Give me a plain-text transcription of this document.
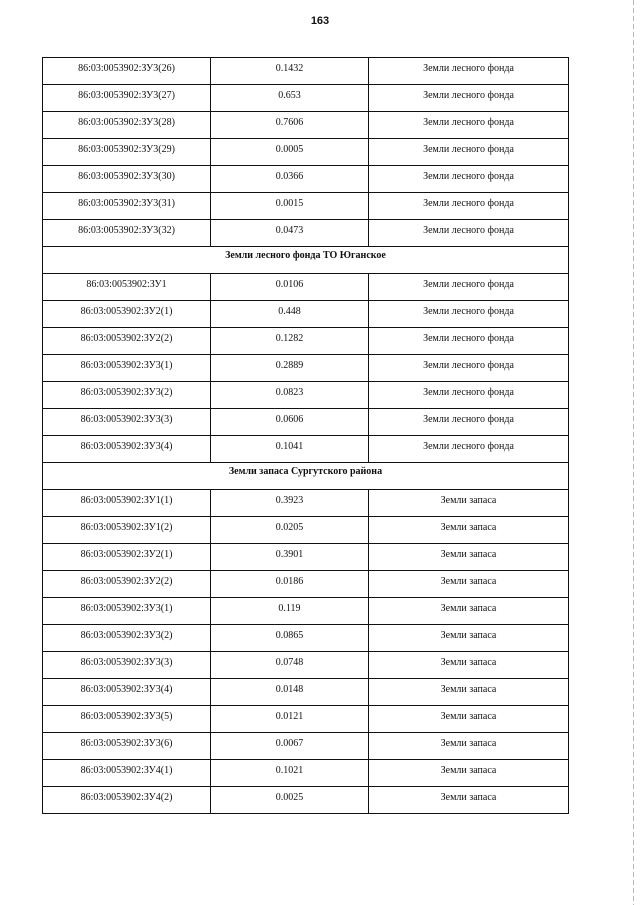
163
86:03:0053902:ЗУ3(26)	0.1432	Земли лесного фонда

86:03:0053902:ЗУ3(27)	0.653	Земли лесного фонда

86:03:0053902:ЗУ3(28)	0.7606	Земли лесного фонда

86:03:0053902:ЗУ3(29)	0.0005	Земли лесного фонда

86:03:0053902:ЗУ3(30)	0.0366	Земли лесного фонда

86:03:0053902:ЗУ3(31)	0.0015	Земли лесного фонда

86:03:0053902:ЗУ3(32)	0.0473	Земли лесного фонда

Земли лесного фонда ТО Юганское		

86:03:0053902:ЗУ1	0.0106	Земли лесного фонда

86:03:0053902:ЗУ2(1)	0.448	Земли лесного фонда

86:03:0053902:ЗУ2(2)	0.1282	Земли лесного фонда

86:03:0053902:ЗУ3(1)	0.2889	Земли лесного фонда

86:03:0053902:ЗУ3(2)	0.0823	Земли лесного фонда

86:03:0053902:ЗУ3(3)	0.0606	Земли лесного фонда

86:03:0053902:ЗУ3(4)	0.1041	Земли лесного фонда

Земли запаса Сургутского района		

86:03:0053902:ЗУ1(1)	0.3923	Земли запаса

86:03:0053902:ЗУ1(2)	0.0205	Земли запаса

86:03:0053902:ЗУ2(1)	0.3901	Земли запаса

86:03:0053902:ЗУ2(2)	0.0186	Земли запаса

86:03:0053902:ЗУ3(1)	0.119	Земли запаса

86:03:0053902:ЗУ3(2)	0.0865	Земли запаса

86:03:0053902:ЗУ3(3)	0.0748	Земли запаса

86:03:0053902:ЗУ3(4)	0.0148	Земли запаса

86:03:0053902:ЗУ3(5)	0.0121	Земли запаса

86:03:0053902:ЗУ3(6)	0.0067	Земли запаса

86:03:0053902:ЗУ4(1)	0.1021	Земли запаса

86:03:0053902:ЗУ4(2)	0.0025	Земли запаса
